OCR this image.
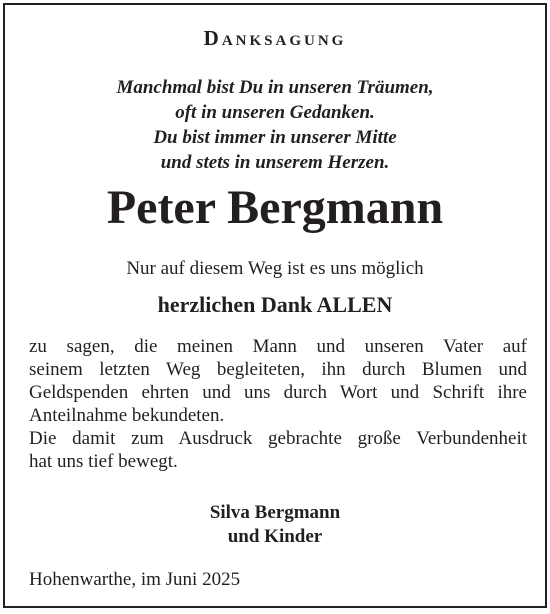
Danksagung
Manchmal bist Du in unseren Träumen,
oft in unseren Gedanken.
Du bist immer in unserer Mitte
und stets in unserem Herzen.
Peter Bergmann
Nur auf diesem Weg ist es uns möglich
herzlichen Dank ALLEN
zu sagen, die meinen Mann und unseren Vater auf
seinem letzten Weg begleiteten, ihn durch Blumen und
Geldspenden ehrten und uns durch Wort und Schrift ihre
Anteilnahme bekundeten.
Die damit zum Ausdruck gebrachte große Verbundenheit
hat uns tief bewegt.
Silva Bergmann
und Kinder
Hohenwarthe, im Juni 2025
